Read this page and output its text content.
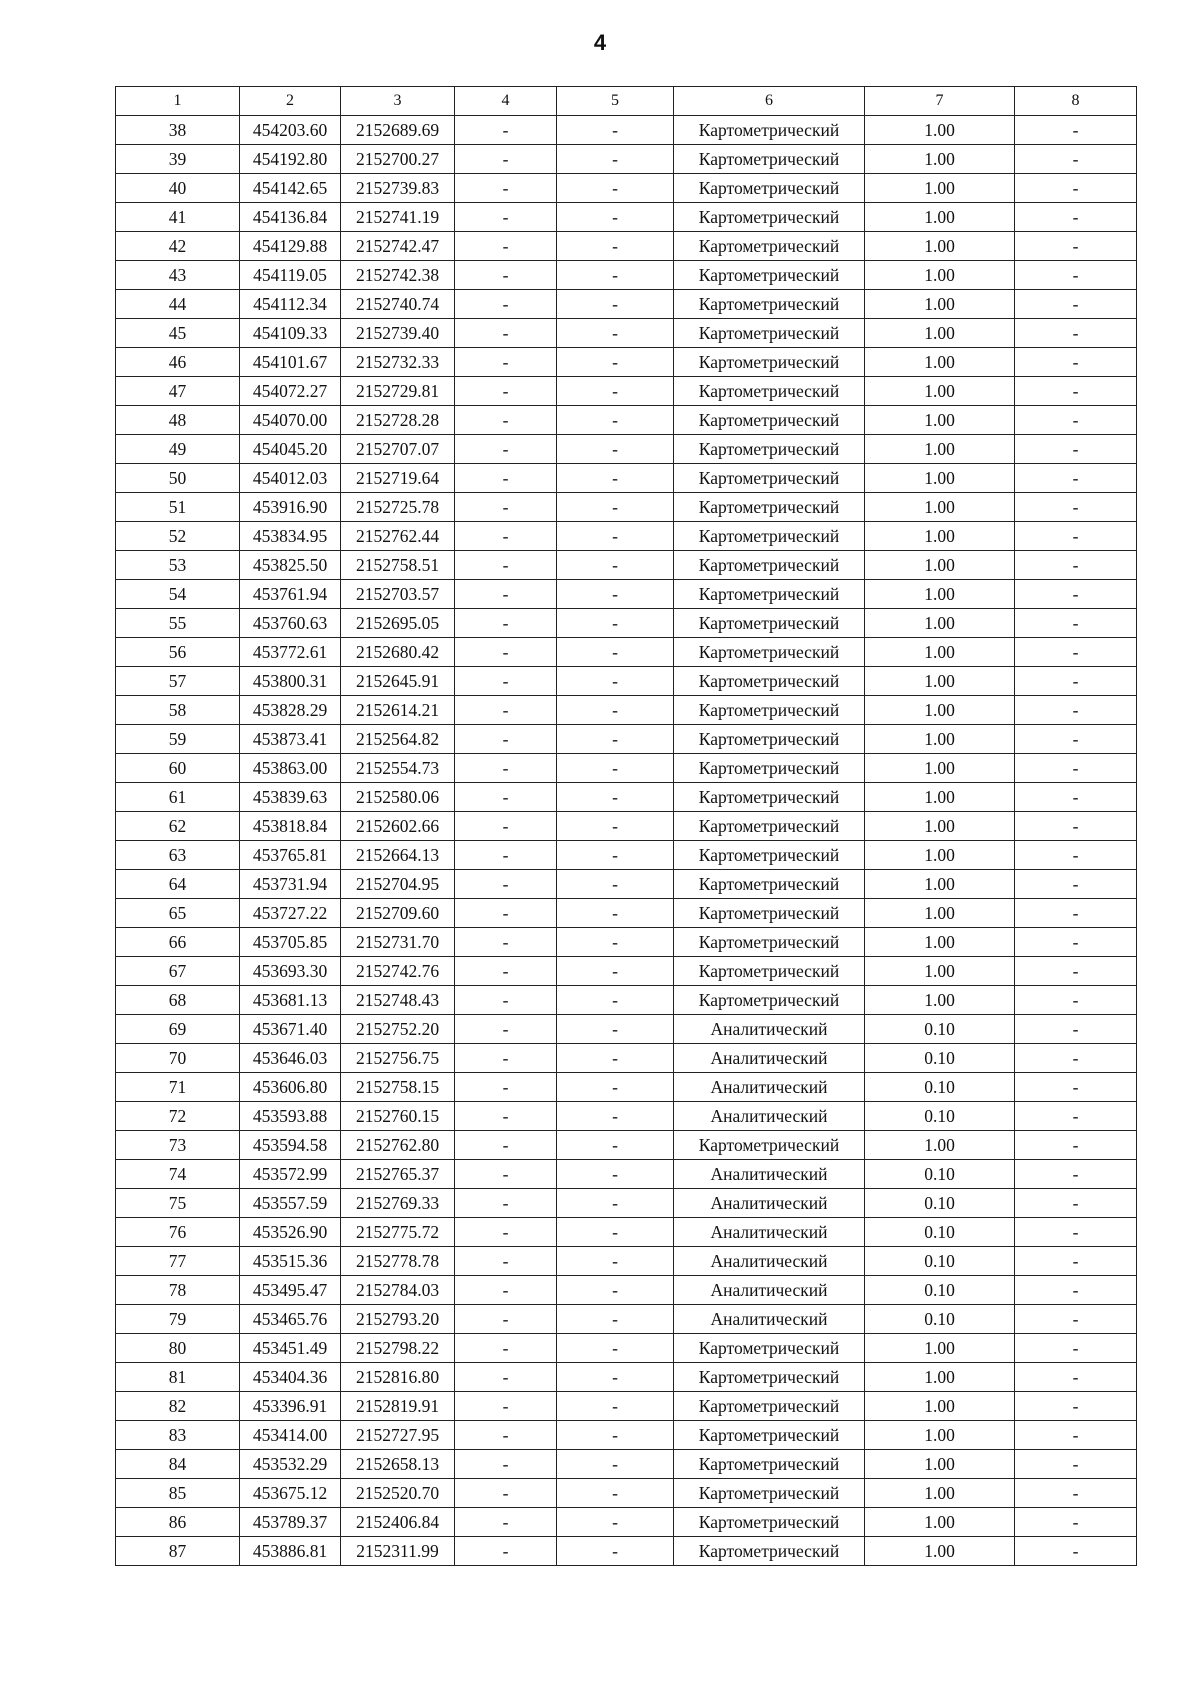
4
1	2	3	4	5	6	7	8
38	454203.60	2152689.69	-	-	Картометрический	1.00	-
39	454192.80	2152700.27	-	-	Картометрический	1.00	-
40	454142.65	2152739.83	-	-	Картометрический	1.00	-
41	454136.84	2152741.19	-	-	Картометрический	1.00	-
42	454129.88	2152742.47	-	-	Картометрический	1.00	-
43	454119.05	2152742.38	-	-	Картометрический	1.00	-
44	454112.34	2152740.74	-	-	Картометрический	1.00	-
45	454109.33	2152739.40	-	-	Картометрический	1.00	-
46	454101.67	2152732.33	-	-	Картометрический	1.00	-
47	454072.27	2152729.81	-	-	Картометрический	1.00	-
48	454070.00	2152728.28	-	-	Картометрический	1.00	-
49	454045.20	2152707.07	-	-	Картометрический	1.00	-
50	454012.03	2152719.64	-	-	Картометрический	1.00	-
51	453916.90	2152725.78	-	-	Картометрический	1.00	-
52	453834.95	2152762.44	-	-	Картометрический	1.00	-
53	453825.50	2152758.51	-	-	Картометрический	1.00	-
54	453761.94	2152703.57	-	-	Картометрический	1.00	-
55	453760.63	2152695.05	-	-	Картометрический	1.00	-
56	453772.61	2152680.42	-	-	Картометрический	1.00	-
57	453800.31	2152645.91	-	-	Картометрический	1.00	-
58	453828.29	2152614.21	-	-	Картометрический	1.00	-
59	453873.41	2152564.82	-	-	Картометрический	1.00	-
60	453863.00	2152554.73	-	-	Картометрический	1.00	-
61	453839.63	2152580.06	-	-	Картометрический	1.00	-
62	453818.84	2152602.66	-	-	Картометрический	1.00	-
63	453765.81	2152664.13	-	-	Картометрический	1.00	-
64	453731.94	2152704.95	-	-	Картометрический	1.00	-
65	453727.22	2152709.60	-	-	Картометрический	1.00	-
66	453705.85	2152731.70	-	-	Картометрический	1.00	-
67	453693.30	2152742.76	-	-	Картометрический	1.00	-
68	453681.13	2152748.43	-	-	Картометрический	1.00	-
69	453671.40	2152752.20	-	-	Аналитический	0.10	-
70	453646.03	2152756.75	-	-	Аналитический	0.10	-
71	453606.80	2152758.15	-	-	Аналитический	0.10	-
72	453593.88	2152760.15	-	-	Аналитический	0.10	-
73	453594.58	2152762.80	-	-	Картометрический	1.00	-
74	453572.99	2152765.37	-	-	Аналитический	0.10	-
75	453557.59	2152769.33	-	-	Аналитический	0.10	-
76	453526.90	2152775.72	-	-	Аналитический	0.10	-
77	453515.36	2152778.78	-	-	Аналитический	0.10	-
78	453495.47	2152784.03	-	-	Аналитический	0.10	-
79	453465.76	2152793.20	-	-	Аналитический	0.10	-
80	453451.49	2152798.22	-	-	Картометрический	1.00	-
81	453404.36	2152816.80	-	-	Картометрический	1.00	-
82	453396.91	2152819.91	-	-	Картометрический	1.00	-
83	453414.00	2152727.95	-	-	Картометрический	1.00	-
84	453532.29	2152658.13	-	-	Картометрический	1.00	-
85	453675.12	2152520.70	-	-	Картометрический	1.00	-
86	453789.37	2152406.84	-	-	Картометрический	1.00	-
87	453886.81	2152311.99	-	-	Картометрический	1.00	-
